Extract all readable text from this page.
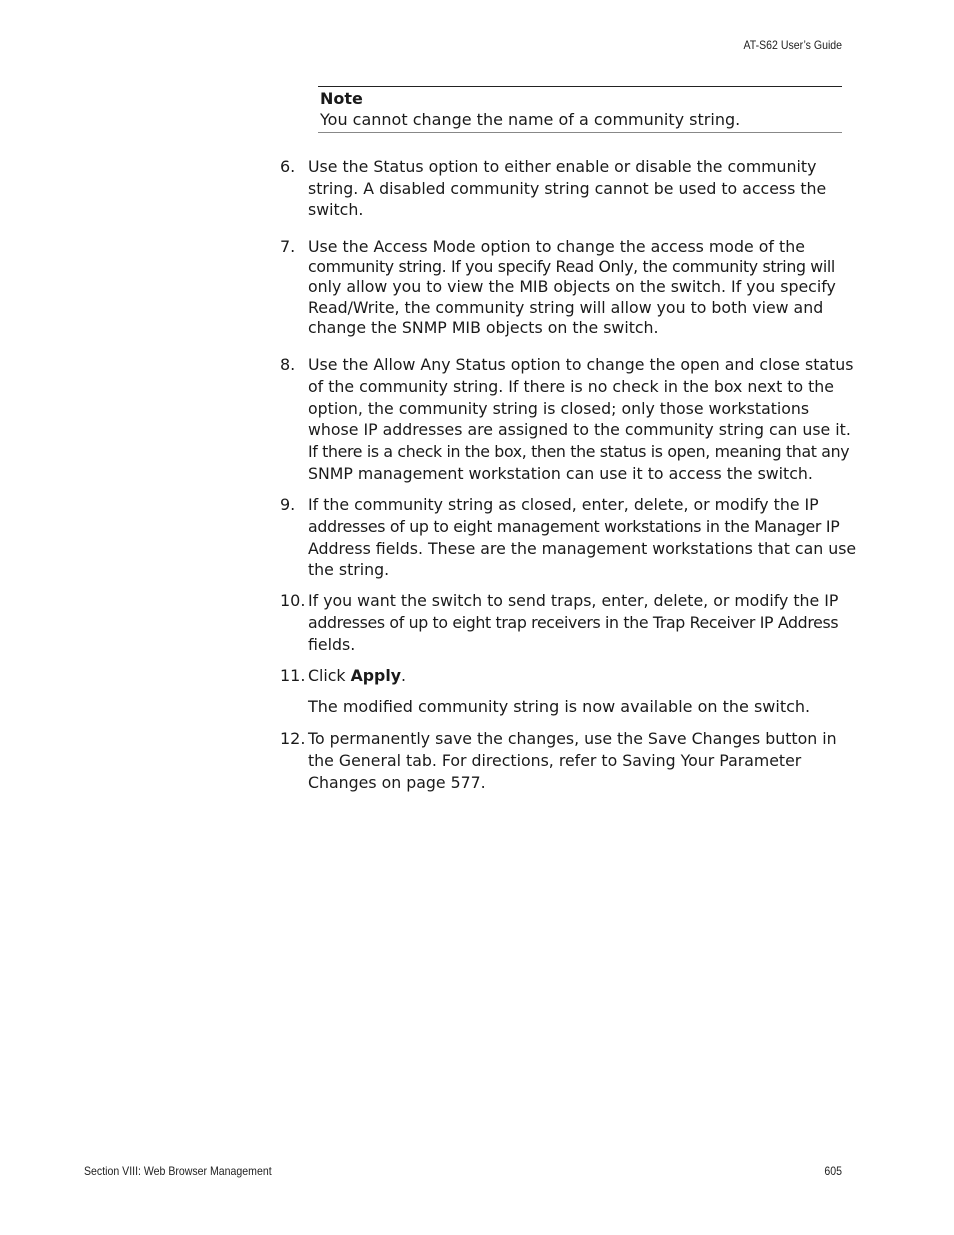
AT-S62 User’s Guide
Note
You cannot change the name of a community string.
6. Use the Status option to either enable or disable the community string. A disabled community string cannot be used to access the switch.
7. Use the Access Mode option to change the access mode of the community string. If you specify Read Only, the community string will only allow you to view the MIB objects on the switch. If you specify Read/Write, the community string will allow you to both view and change the SNMP MIB objects on the switch.
8. Use the Allow Any Status option to change the open and close status of the community string. If there is no check in the box next to the option, the community string is closed; only those workstations whose IP addresses are assigned to the community string can use it. If there is a check in the box, then the status is open, meaning that any SNMP management workstation can use it to access the switch.
9. If the community string as closed, enter, delete, or modify the IP addresses of up to eight management workstations in the Manager IP Address fields. These are the management workstations that can use the string.
10. If you want the switch to send traps, enter, delete, or modify the IP addresses of up to eight trap receivers in the Trap Receiver IP Address fields.
11. Click Apply.
The modified community string is now available on the switch.
12. To permanently save the changes, use the Save Changes button in the General tab. For directions, refer to Saving Your Parameter Changes on page 577.
Section VIII: Web Browser Management	605
